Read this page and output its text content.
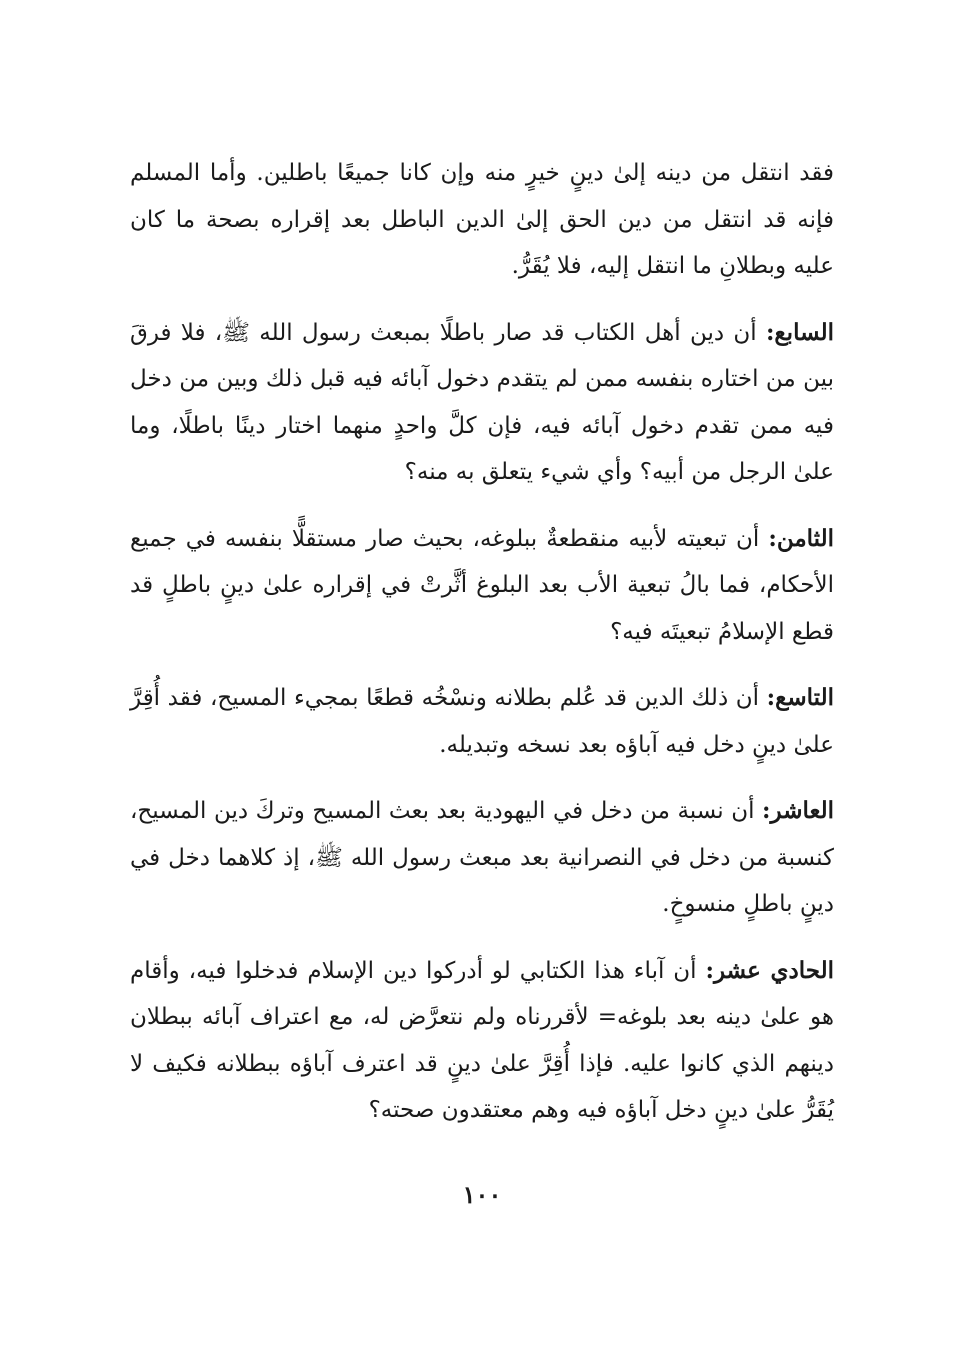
فقد انتقل من دينه إلىٰ دينٍ خيرٍ منه وإن كانا جميعًا باطلين. وأما المسلم فإنه قد انتقل من دين الحق إلىٰ الدين الباطل بعد إقراره بصحة ما كان عليه وبطلانِ ما انتقل إليه، فلا يُقَرُّ.

السابع: أن دين أهل الكتاب قد صار باطلًا بمبعث رسول الله ﷺ، فلا فرقَ بين من اختاره بنفسه ممن لم يتقدم دخول آبائه فيه قبل ذلك وبين من دخل فيه ممن تقدم دخول آبائه فيه، فإن كلَّ واحدٍ منهما اختار دينًا باطلًا، وما علىٰ الرجل من أبيه؟ وأي شيء يتعلق به منه؟

الثامن: أن تبعيته لأبيه منقطعةٌ ببلوغه، بحيث صار مستقلًّا بنفسه في جميع الأحكام، فما بالُ تبعية الأب بعد البلوغ أثَّرتْ في إقراره علىٰ دينٍ باطلٍ قد قطع الإسلامُ تبعيتَه فيه؟

التاسع: أن ذلك الدين قد عُلم بطلانه ونسْخُه قطعًا بمجيء المسيح، فقد أُقِرَّ علىٰ دينٍ دخل فيه آباؤه بعد نسخه وتبديله.

العاشر: أن نسبة من دخل في اليهودية بعد بعث المسيح وتركَ دين المسيح، كنسبة من دخل في النصرانية بعد مبعث رسول الله ﷺ، إذ كلاهما دخل في دينٍ باطلٍ منسوخٍ.

الحادي عشر: أن آباء هذا الكتابي لو أدركوا دين الإسلام فدخلوا فيه، وأقام هو علىٰ دينه بعد بلوغه= لأقررناه ولم نتعرَّض له، مع اعتراف آبائه ببطلان دينهم الذي كانوا عليه. فإذا أُقِرَّ علىٰ دينٍ قد اعترف آباؤه ببطلانه فكيف لا يُقَرُّ علىٰ دينٍ دخل آباؤه فيه وهم معتقدون صحته؟

١٠٠
